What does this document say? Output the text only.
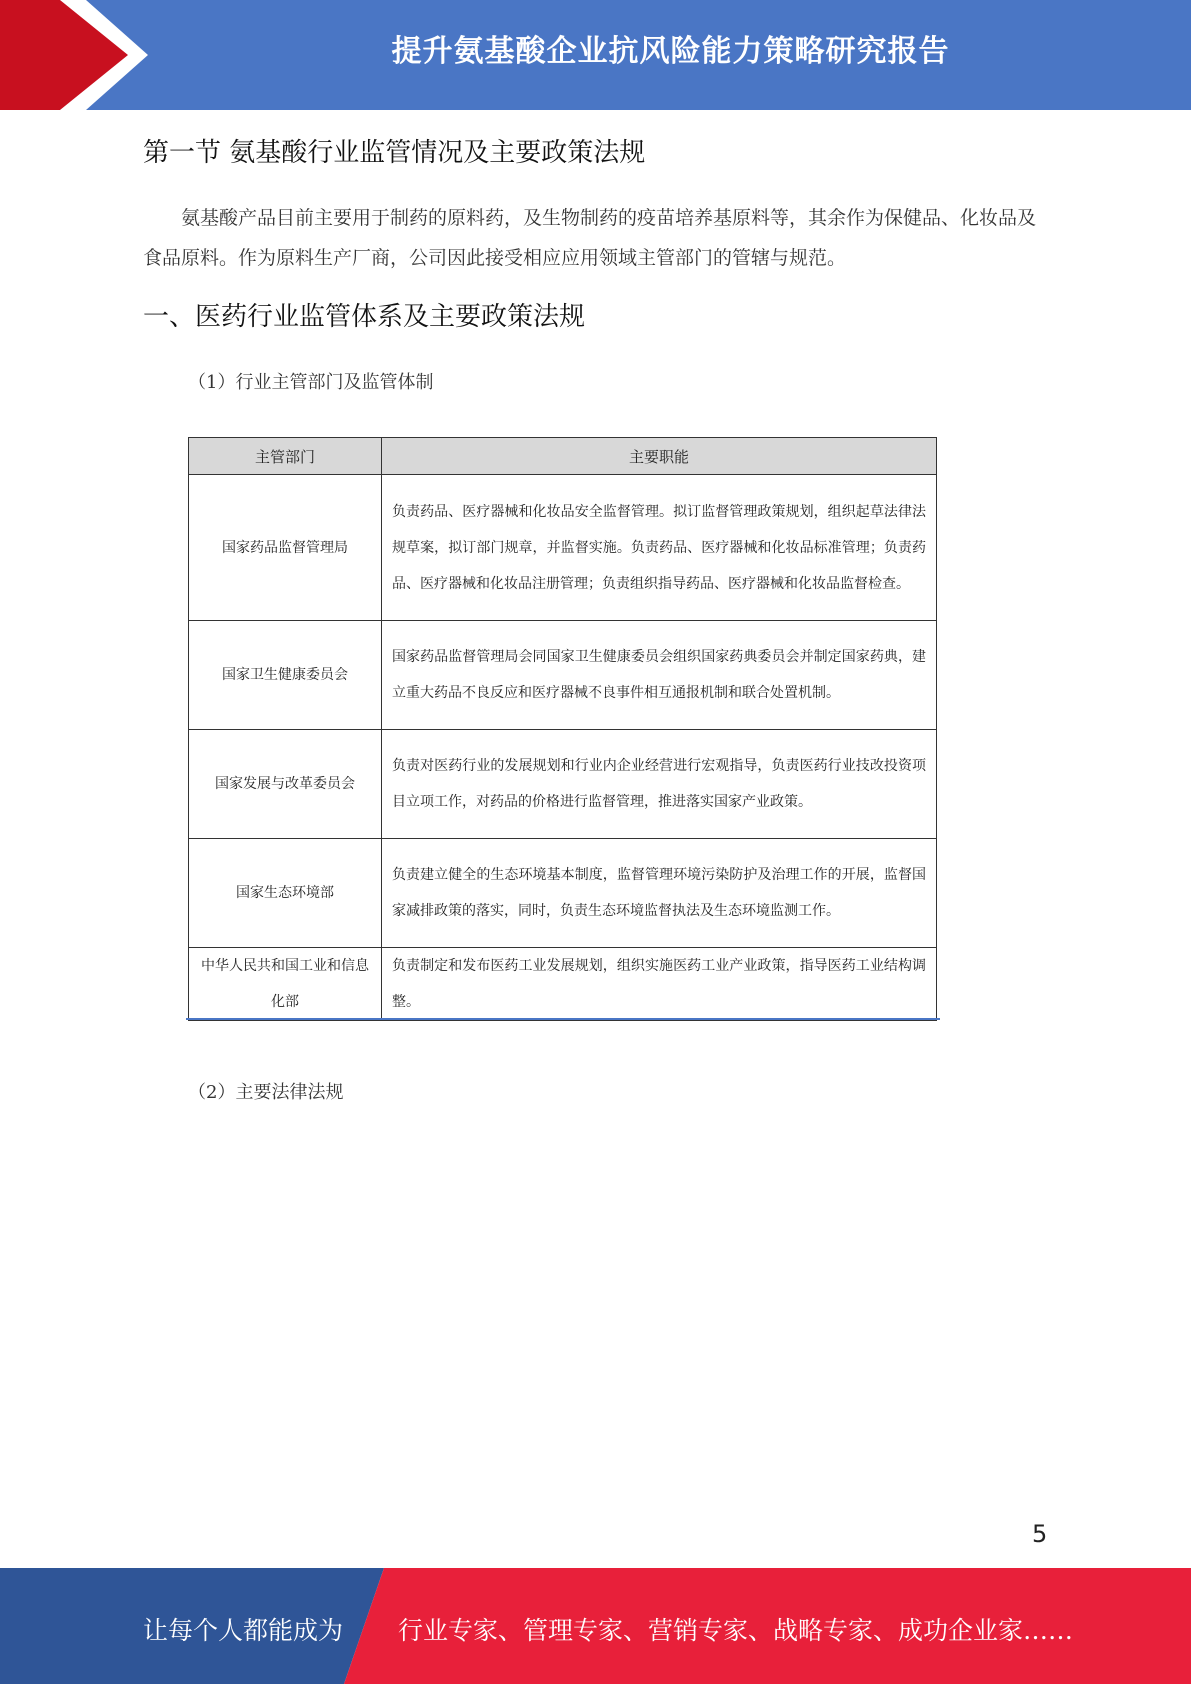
提升氨基酸企业抗风险能力策略研究报告
第一节 氨基酸行业监管情况及主要政策法规
氨基酸产品目前主要用于制药的原料药，及生物制药的疫苗培养基原料等，其余作为保健品、化妆品及食品原料。作为原料生产厂商，公司因此接受相应应用领域主管部门的管辖与规范。
一、医药行业监管体系及主要政策法规
（1）行业主管部门及监管体制
主管部门	主要职能
国家药品监督管理局	负责药品、医疗器械和化妆品安全监督管理。拟订监督管理政策规划，组织起草法律法规草案，拟订部门规章，并监督实施。负责药品、医疗器械和化妆品标准管理；负责药品、医疗器械和化妆品注册管理；负责组织指导药品、医疗器械和化妆品监督检查。
国家卫生健康委员会	国家药品监督管理局会同国家卫生健康委员会组织国家药典委员会并制定国家药典，建立重大药品不良反应和医疗器械不良事件相互通报机制和联合处置机制。
国家发展与改革委员会	负责对医药行业的发展规划和行业内企业经营进行宏观指导，负责医药行业技改投资项目立项工作，对药品的价格进行监督管理，推进落实国家产业政策。
国家生态环境部	负责建立健全的生态环境基本制度，监督管理环境污染防护及治理工作的开展，监督国家减排政策的落实，同时，负责生态环境监督执法及生态环境监测工作。
中华人民共和国工业和信息化部	负责制定和发布医药工业发展规划，组织实施医药工业产业政策，指导医药工业结构调整。
（2）主要法律法规
5
让每个人都能成为 行业专家、管理专家、营销专家、战略专家、成功企业家……
